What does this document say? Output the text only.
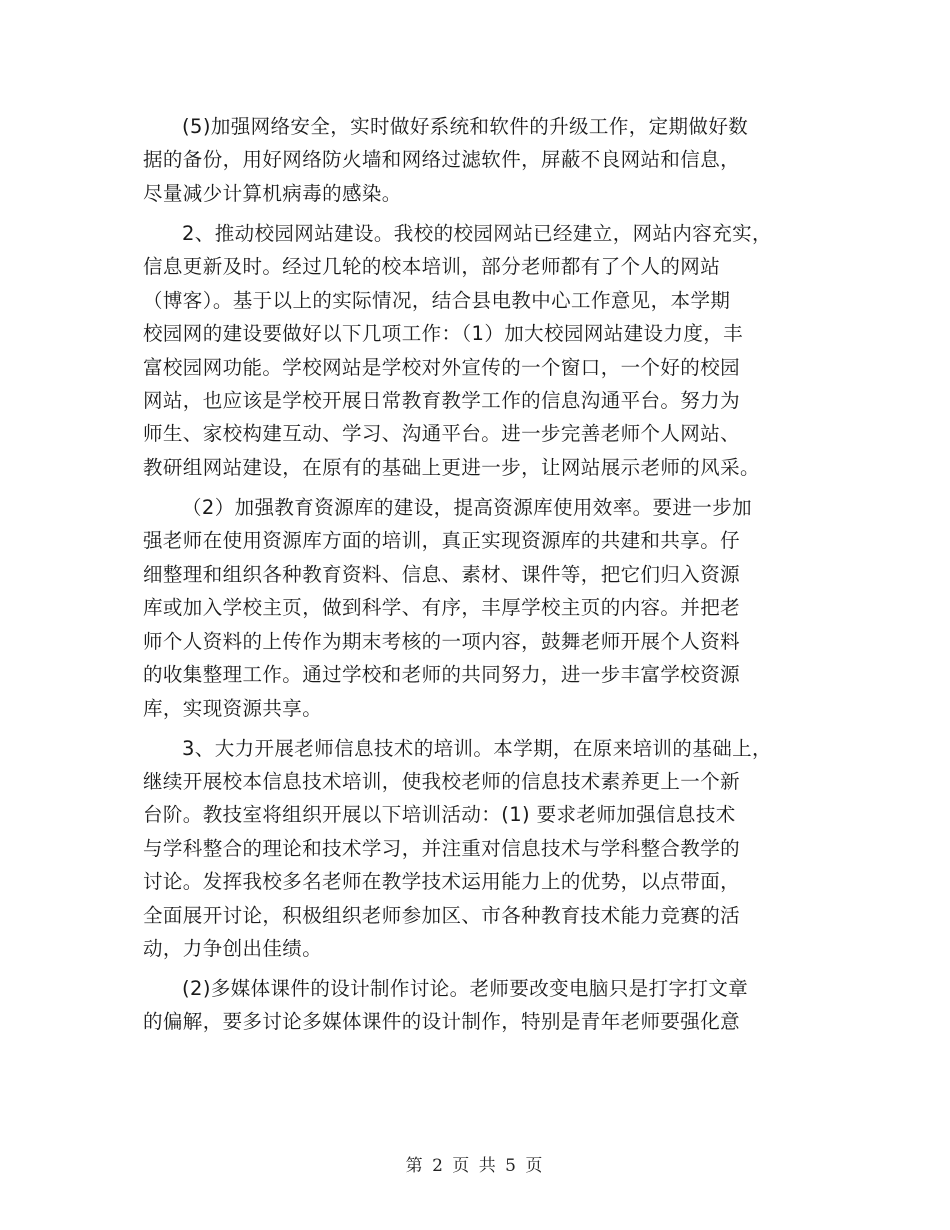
(5)加强网络安全，实时做好系统和软件的升级工作，定期做好数
据的备份，用好网络防火墙和网络过滤软件，屏蔽不良网站和信息，
尽量减少计算机病毒的感染。
2、推动校园网站建设。我校的校园网站已经建立，网站内容充实，
信息更新及时。经过几轮的校本培训，部分老师都有了个人的网站
（博客）。基于以上的实际情况，结合县电教中心工作意见，本学期
校园网的建设要做好以下几项工作：（1）加大校园网站建设力度，丰
富校园网功能。学校网站是学校对外宣传的一个窗口，一个好的校园
网站，也应该是学校开展日常教育教学工作的信息沟通平台。努力为
师生、家校构建互动、学习、沟通平台。进一步完善老师个人网站、
教研组网站建设，在原有的基础上更进一步，让网站展示老师的风采。
（2）加强教育资源库的建设，提高资源库使用效率。要进一步加
强老师在使用资源库方面的培训，真正实现资源库的共建和共享。仔
细整理和组织各种教育资料、信息、素材、课件等，把它们归入资源
库或加入学校主页，做到科学、有序，丰厚学校主页的内容。并把老
师个人资料的上传作为期末考核的一项内容，鼓舞老师开展个人资料
的收集整理工作。通过学校和老师的共同努力，进一步丰富学校资源
库，实现资源共享。
3、大力开展老师信息技术的培训。本学期，在原来培训的基础上，
继续开展校本信息技术培训，使我校老师的信息技术素养更上一个新
台阶。教技室将组织开展以下培训活动：(1) 要求老师加强信息技术
与学科整合的理论和技术学习，并注重对信息技术与学科整合教学的
讨论。发挥我校多名老师在教学技术运用能力上的优势，以点带面，
全面展开讨论，积极组织老师参加区、市各种教育技术能力竞赛的活
动，力争创出佳绩。
(2)多媒体课件的设计制作讨论。老师要改变电脑只是打字打文章
的偏解，要多讨论多媒体课件的设计制作，特别是青年老师要强化意
第 2 页 共 5 页
